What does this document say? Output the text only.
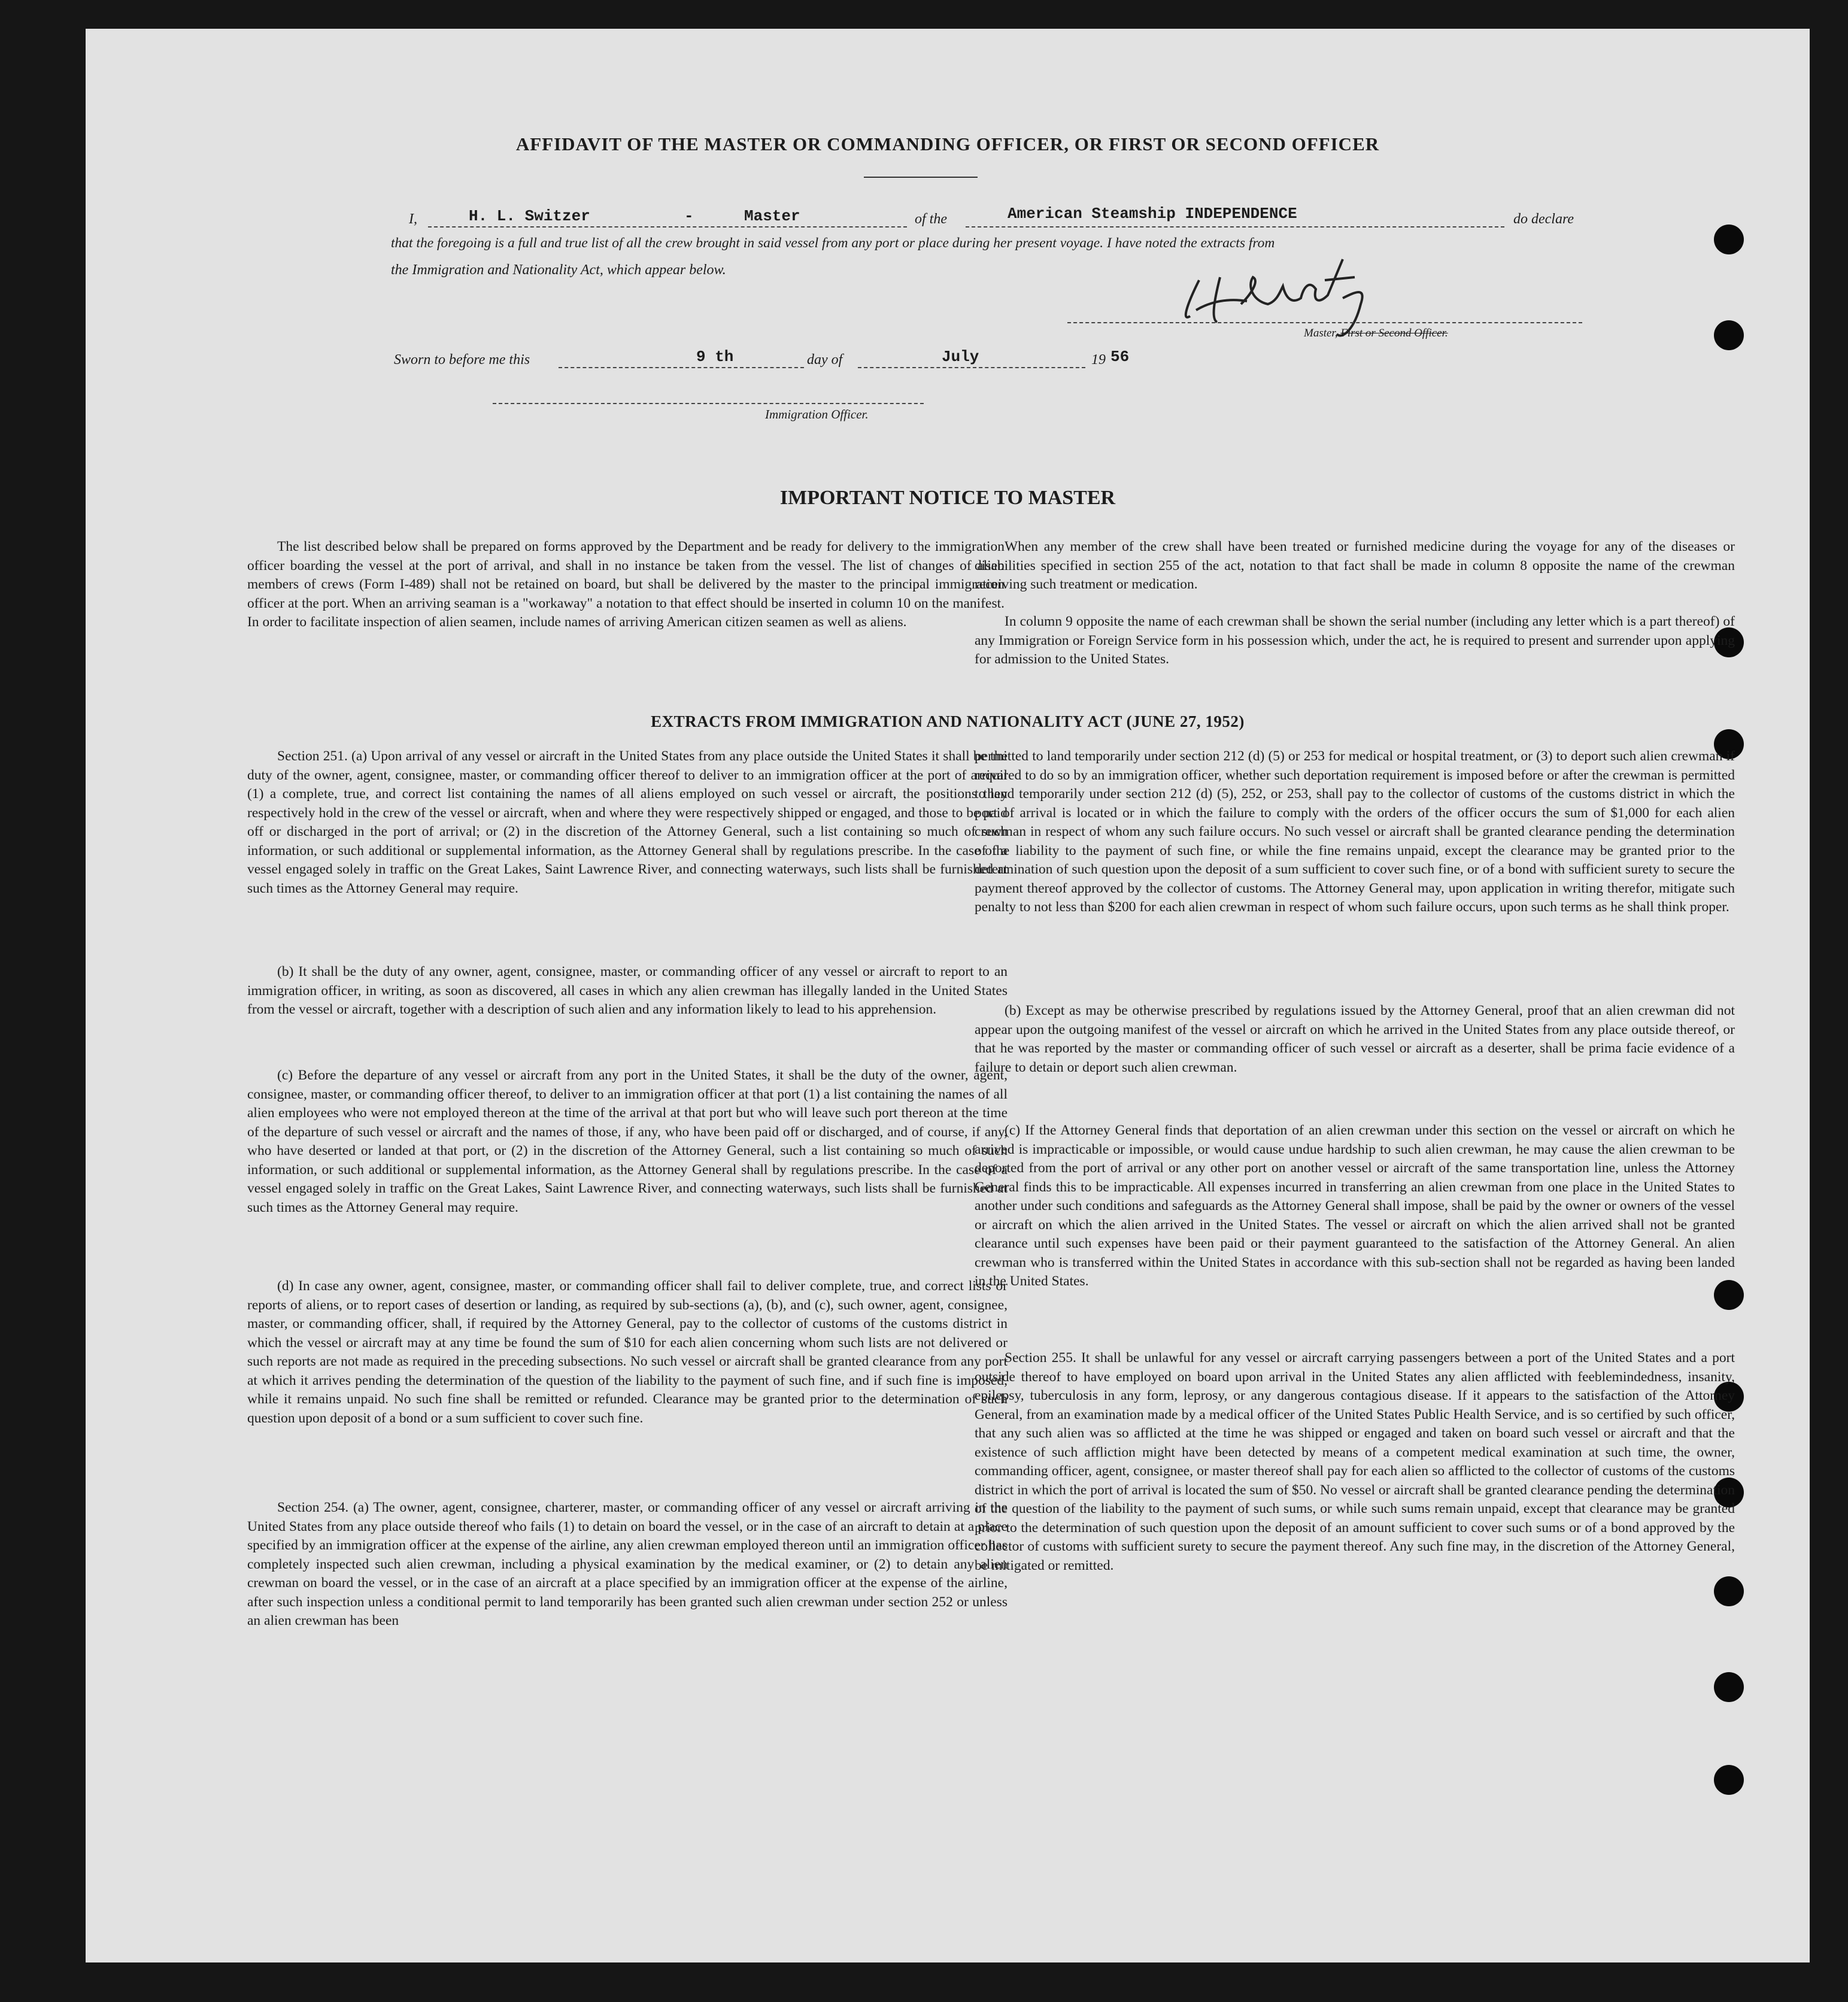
AFFIDAVIT OF THE MASTER OR COMMANDING OFFICER, OR FIRST OR SECOND OFFICER
I,	H. L. Switzer	-	Master	of the	American Steamship INDEPENDENCE	do declare
that the foregoing is a full and true list of all the crew brought in said vessel from any port or place during her present voyage. I have noted the extracts from
the Immigration and Nationality Act, which appear below.
Master, First or Second Officer.
Sworn to before me this	9 th	day of	July	19 56
Immigration Officer.
IMPORTANT NOTICE TO MASTER
The list described below shall be prepared on forms approved by the Department and be ready for delivery to the immigration officer boarding the vessel at the port of arrival, and shall in no instance be taken from the vessel. The list of changes of alien members of crews (Form I-489) shall not be retained on board, but shall be delivered by the master to the principal immigration officer at the port. When an arriving seaman is a "workaway" a notation to that effect should be inserted in column 10 on the manifest. In order to facilitate inspection of alien seamen, include names of arriving American citizen seamen as well as aliens.
When any member of the crew shall have been treated or furnished medicine during the voyage for any of the diseases or disabilities specified in section 255 of the act, notation to that fact shall be made in column 8 opposite the name of the crewman receiving such treatment or medication.
In column 9 opposite the name of each crewman shall be shown the serial number (including any letter which is a part thereof) of any Immigration or Foreign Service form in his possession which, under the act, he is required to present and surrender upon applying for admission to the United States.
EXTRACTS FROM IMMIGRATION AND NATIONALITY ACT (JUNE 27, 1952)
Section 251. (a) Upon arrival of any vessel or aircraft in the United States from any place outside the United States it shall be the duty of the owner, agent, consignee, master, or commanding officer thereof to deliver to an immigration officer at the port of arrival (1) a complete, true, and correct list containing the names of all aliens employed on such vessel or aircraft, the positions they respectively hold in the crew of the vessel or aircraft, when and where they were respectively shipped or engaged, and those to be paid off or discharged in the port of arrival; or (2) in the discretion of the Attorney General, such a list containing so much of such information, or such additional or supplemental information, as the Attorney General shall by regulations prescribe. In the case of a vessel engaged solely in traffic on the Great Lakes, Saint Lawrence River, and connecting waterways, such lists shall be furnished at such times as the Attorney General may require.
(b) It shall be the duty of any owner, agent, consignee, master, or commanding officer of any vessel or aircraft to report to an immigration officer, in writing, as soon as discovered, all cases in which any alien crewman has illegally landed in the United States from the vessel or aircraft, together with a description of such alien and any information likely to lead to his apprehension.
(c) Before the departure of any vessel or aircraft from any port in the United States, it shall be the duty of the owner, agent, consignee, master, or commanding officer thereof, to deliver to an immigration officer at that port (1) a list containing the names of all alien employees who were not employed thereon at the time of the arrival at that port but who will leave such port thereon at the time of the departure of such vessel or aircraft and the names of those, if any, who have been paid off or discharged, and of course, if any, who have deserted or landed at that port, or (2) in the discretion of the Attorney General, such a list containing so much of such information, or such additional or supplemental information, as the Attorney General shall by regulations prescribe. In the case of a vessel engaged solely in traffic on the Great Lakes, Saint Lawrence River, and connecting waterways, such lists shall be furnished at such times as the Attorney General may require.
(d) In case any owner, agent, consignee, master, or commanding officer shall fail to deliver complete, true, and correct lists or reports of aliens, or to report cases of desertion or landing, as required by sub-sections (a), (b), and (c), such owner, agent, consignee, master, or commanding officer, shall, if required by the Attorney General, pay to the collector of customs of the customs district in which the vessel or aircraft may at any time be found the sum of $10 for each alien concerning whom such lists are not delivered or such reports are not made as required in the preceding subsections. No such vessel or aircraft shall be granted clearance from any port at which it arrives pending the determination of the question of the liability to the payment of such fine, and if such fine is imposed, while it remains unpaid. No such fine shall be remitted or refunded. Clearance may be granted prior to the determination of such question upon deposit of a bond or a sum sufficient to cover such fine.
Section 254. (a) The owner, agent, consignee, charterer, master, or commanding officer of any vessel or aircraft arriving in the United States from any place outside thereof who fails (1) to detain on board the vessel, or in the case of an aircraft to detain at a place specified by an immigration officer at the expense of the airline, any alien crewman employed thereon until an immigration officer has completely inspected such alien crewman, including a physical examination by the medical examiner, or (2) to detain any alien crewman on board the vessel, or in the case of an aircraft at a place specified by an immigration officer at the expense of the airline, after such inspection unless a conditional permit to land temporarily has been granted such alien crewman under section 252 or unless an alien crewman has been
permitted to land temporarily under section 212 (d) (5) or 253 for medical or hospital treatment, or (3) to deport such alien crewman if required to do so by an immigration officer, whether such deportation requirement is imposed before or after the crewman is permitted to land temporarily under section 212 (d) (5), 252, or 253, shall pay to the collector of customs of the customs district in which the port of arrival is located or in which the failure to comply with the orders of the officer occurs the sum of $1,000 for each alien crewman in respect of whom any such failure occurs. No such vessel or aircraft shall be granted clearance pending the determination of the liability to the payment of such fine, or while the fine remains unpaid, except the clearance may be granted prior to the determination of such question upon the deposit of a sum sufficient to cover such fine, or of a bond with sufficient surety to secure the payment thereof approved by the collector of customs. The Attorney General may, upon application in writing therefor, mitigate such penalty to not less than $200 for each alien crewman in respect of whom such failure occurs, upon such terms as he shall think proper.
(b) Except as may be otherwise prescribed by regulations issued by the Attorney General, proof that an alien crewman did not appear upon the outgoing manifest of the vessel or aircraft on which he arrived in the United States from any place outside thereof, or that he was reported by the master or commanding officer of such vessel or aircraft as a deserter, shall be prima facie evidence of a failure to detain or deport such alien crewman.
(c) If the Attorney General finds that deportation of an alien crewman under this section on the vessel or aircraft on which he arrived is impracticable or impossible, or would cause undue hardship to such alien crewman, he may cause the alien crewman to be deported from the port of arrival or any other port on another vessel or aircraft of the same transportation line, unless the Attorney General finds this to be impracticable. All expenses incurred in transferring an alien crewman from one place in the United States to another under such conditions and safeguards as the Attorney General shall impose, shall be paid by the owner or owners of the vessel or aircraft on which the alien arrived in the United States. The vessel or aircraft on which the alien arrived shall not be granted clearance until such expenses have been paid or their payment guaranteed to the satisfaction of the Attorney General. An alien crewman who is transferred within the United States in accordance with this sub-section shall not be regarded as having been landed in the United States.
Section 255. It shall be unlawful for any vessel or aircraft carrying passengers between a port of the United States and a port outside thereof to have employed on board upon arrival in the United States any alien afflicted with feeblemindedness, insanity, epilepsy, tuberculosis in any form, leprosy, or any dangerous contagious disease. If it appears to the satisfaction of the Attorney General, from an examination made by a medical officer of the United States Public Health Service, and is so certified by such officer, that any such alien was so afflicted at the time he was shipped or engaged and taken on board such vessel or aircraft and that the existence of such affliction might have been detected by means of a competent medical examination at such time, the owner, commanding officer, agent, consignee, or master thereof shall pay for each alien so afflicted to the collector of customs of the customs district in which the port of arrival is located the sum of $50. No vessel or aircraft shall be granted clearance pending the determination of the question of the liability to the payment of such sums, or while such sums remain unpaid, except that clearance may be granted prior to the determination of such question upon the deposit of an amount sufficient to cover such sums or of a bond approved by the collector of customs with sufficient surety to secure the payment thereof. Any such fine may, in the discretion of the Attorney General, be mitigated or remitted.
